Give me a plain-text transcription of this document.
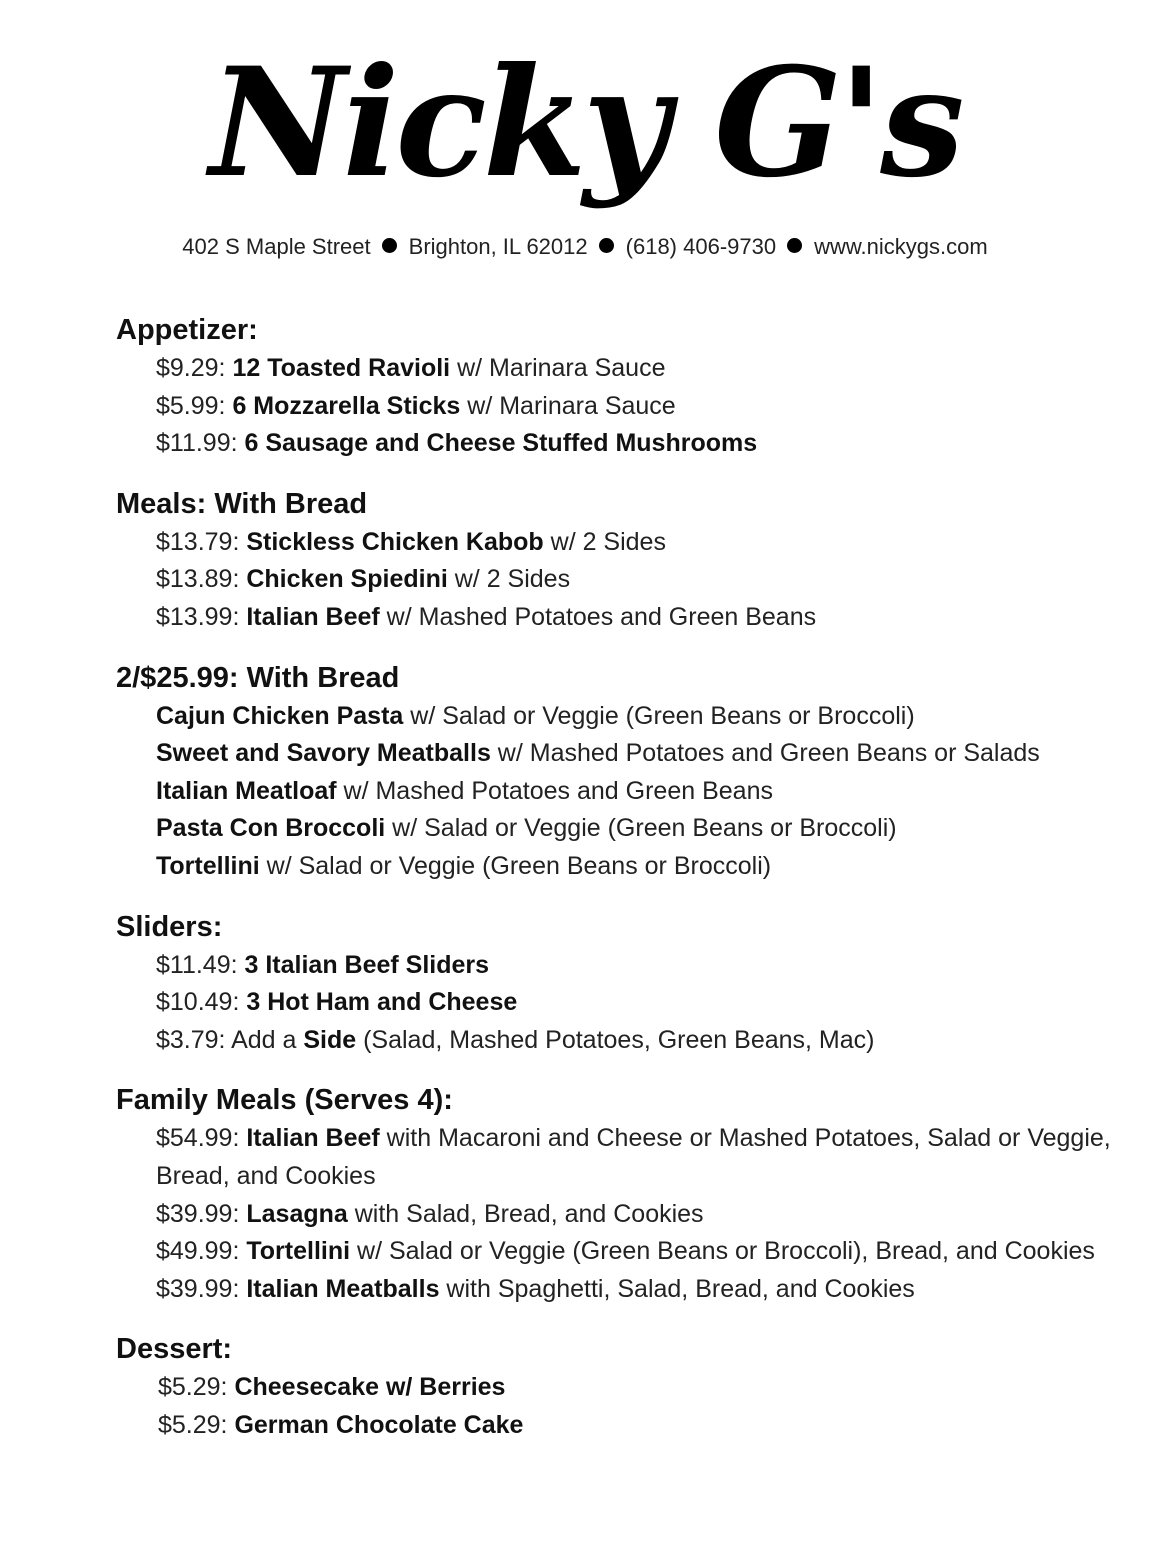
Nicky G's
402 S Maple Street Brighton, IL 62012 (618) 406-9730 www.nickygs.com
Appetizer:
$9.29: 12 Toasted Ravioli w/ Marinara Sauce
$5.99: 6 Mozzarella Sticks w/ Marinara Sauce
$11.99: 6 Sausage and Cheese Stuffed Mushrooms
Meals: With Bread
$13.79: Stickless Chicken Kabob w/ 2 Sides
$13.89: Chicken Spiedini w/ 2 Sides
$13.99: Italian Beef w/ Mashed Potatoes and Green Beans
2/$25.99: With Bread
Cajun Chicken Pasta w/ Salad or Veggie (Green Beans or Broccoli)
Sweet and Savory Meatballs w/ Mashed Potatoes and Green Beans or Salads
Italian Meatloaf w/ Mashed Potatoes and Green Beans
Pasta Con Broccoli w/ Salad or Veggie (Green Beans or Broccoli)
Tortellini w/ Salad or Veggie (Green Beans or Broccoli)
Sliders:
$11.49: 3 Italian Beef Sliders
$10.49: 3 Hot Ham and Cheese
$3.79: Add a Side (Salad, Mashed Potatoes, Green Beans, Mac)
Family Meals (Serves 4):
$54.99: Italian Beef with Macaroni and Cheese or Mashed Potatoes, Salad or Veggie, Bread, and Cookies
$39.99: Lasagna with Salad, Bread, and Cookies
$49.99: Tortellini w/ Salad or Veggie (Green Beans or Broccoli), Bread, and Cookies
$39.99: Italian Meatballs with Spaghetti, Salad, Bread, and Cookies
Dessert:
$5.29: Cheesecake w/ Berries
$5.29: German Chocolate Cake
